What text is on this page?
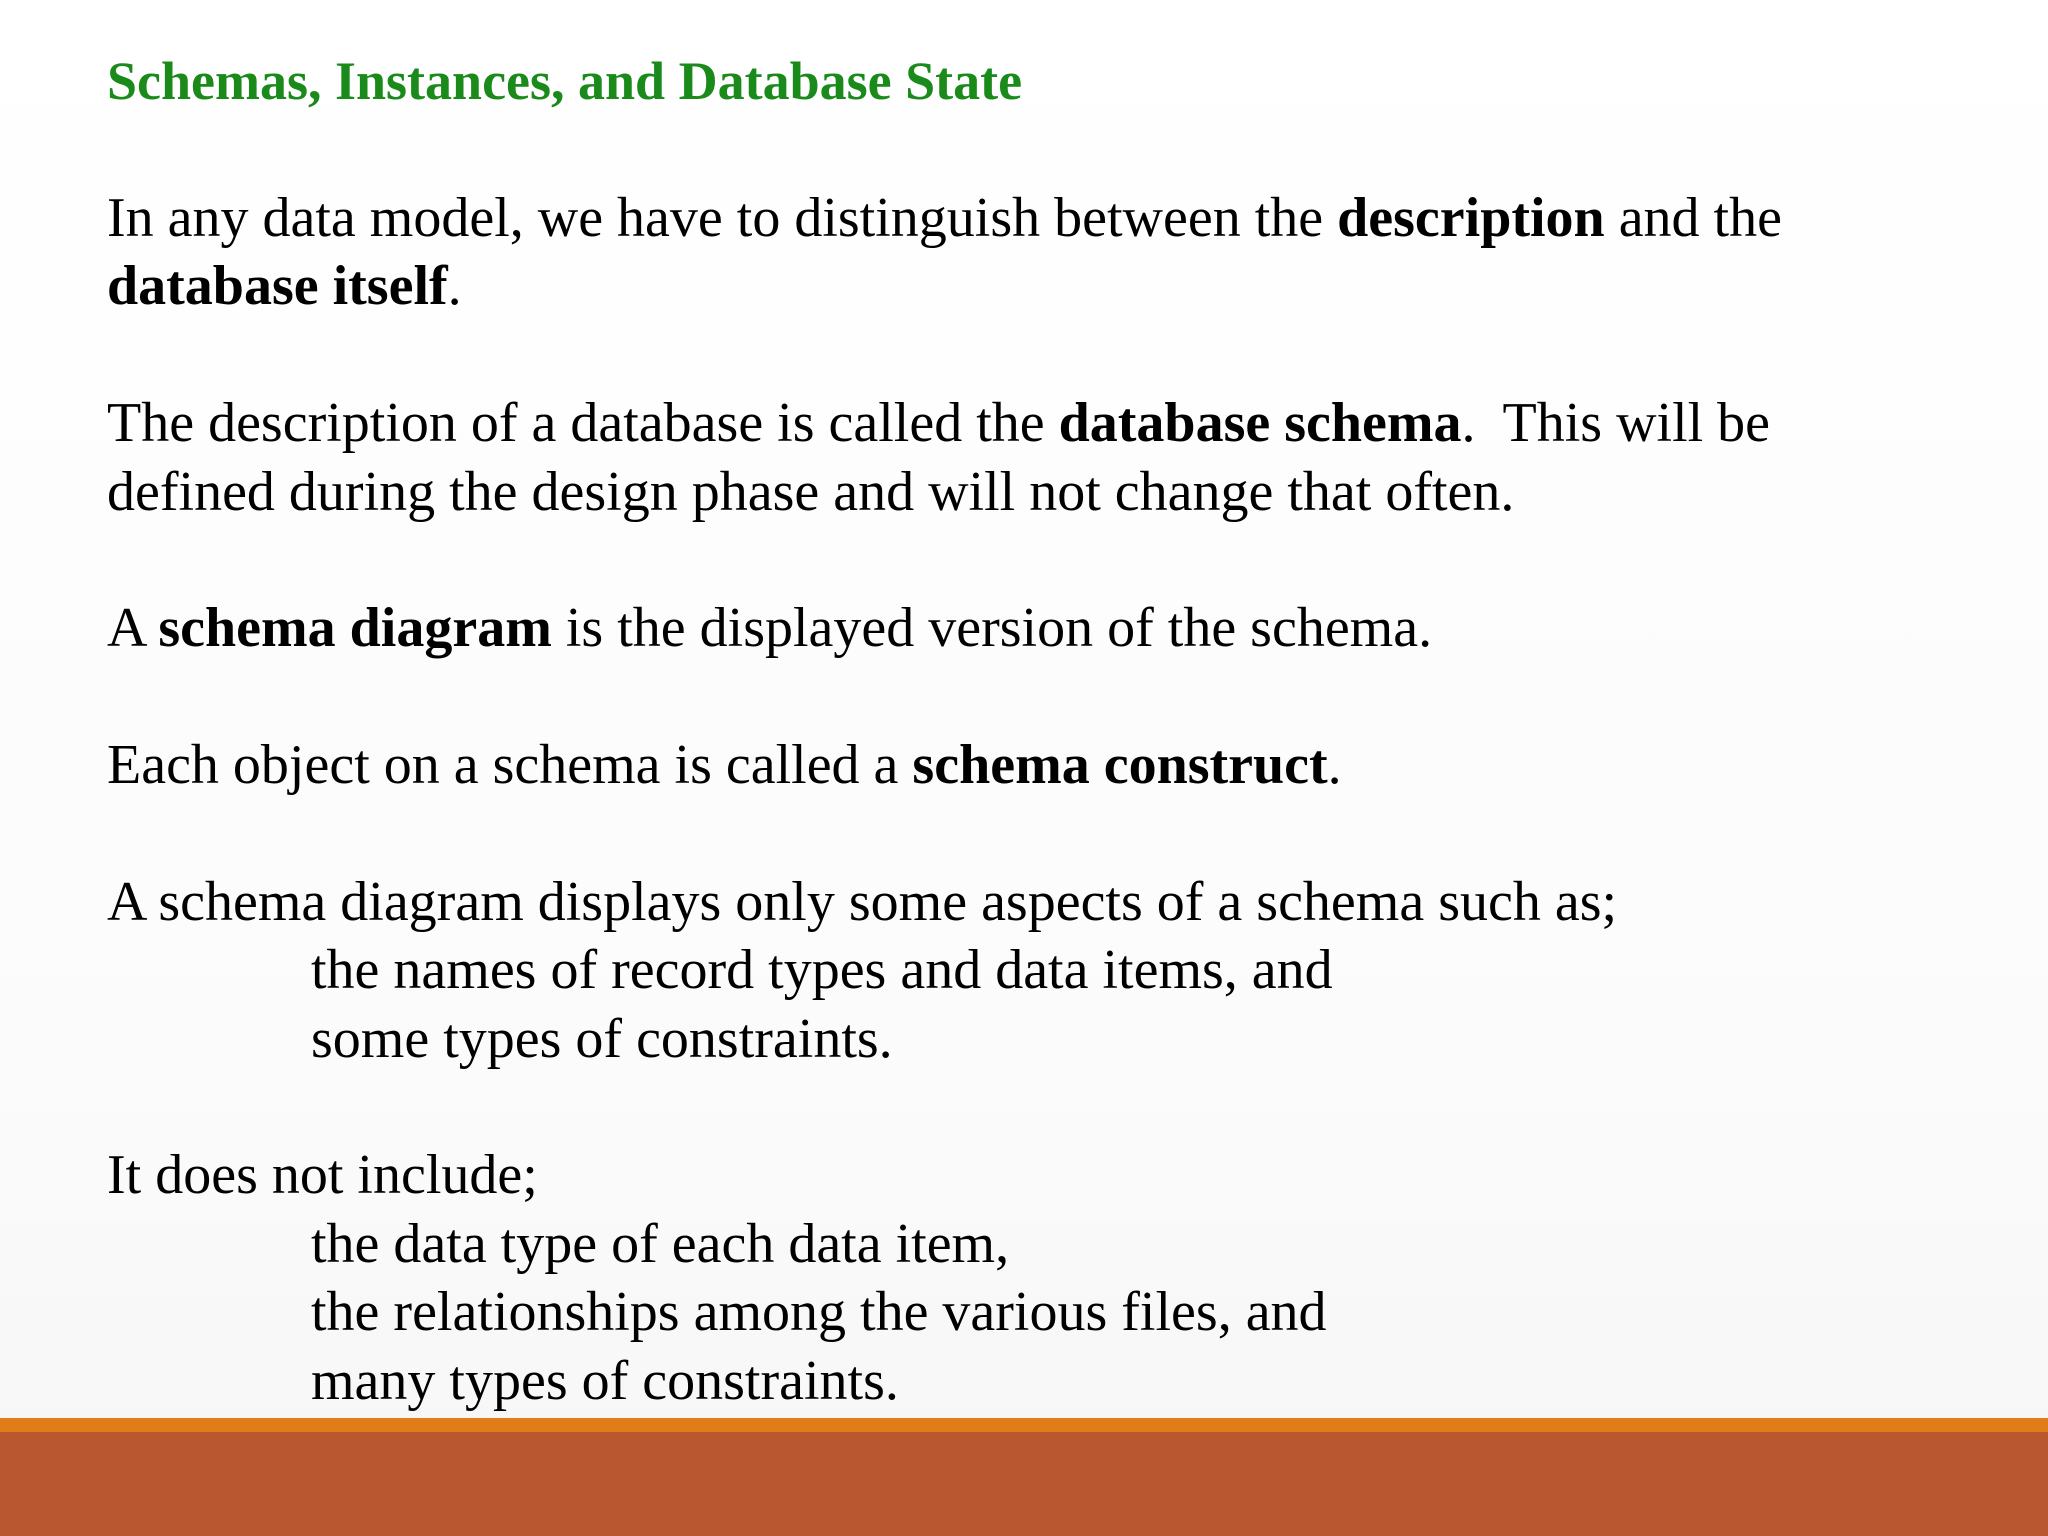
Schemas, Instances, and Database State
In any data model, we have to distinguish between the description and the
database itself.
The description of a database is called the database schema.  This will be
defined during the design phase and will not change that often.
A schema diagram is the displayed version of the schema.
Each object on a schema is called a schema construct.
A schema diagram displays only some aspects of a schema such as;
the names of record types and data items, and
some types of constraints.
It does not include;
the data type of each data item,
the relationships among the various files, and
many types of constraints.
